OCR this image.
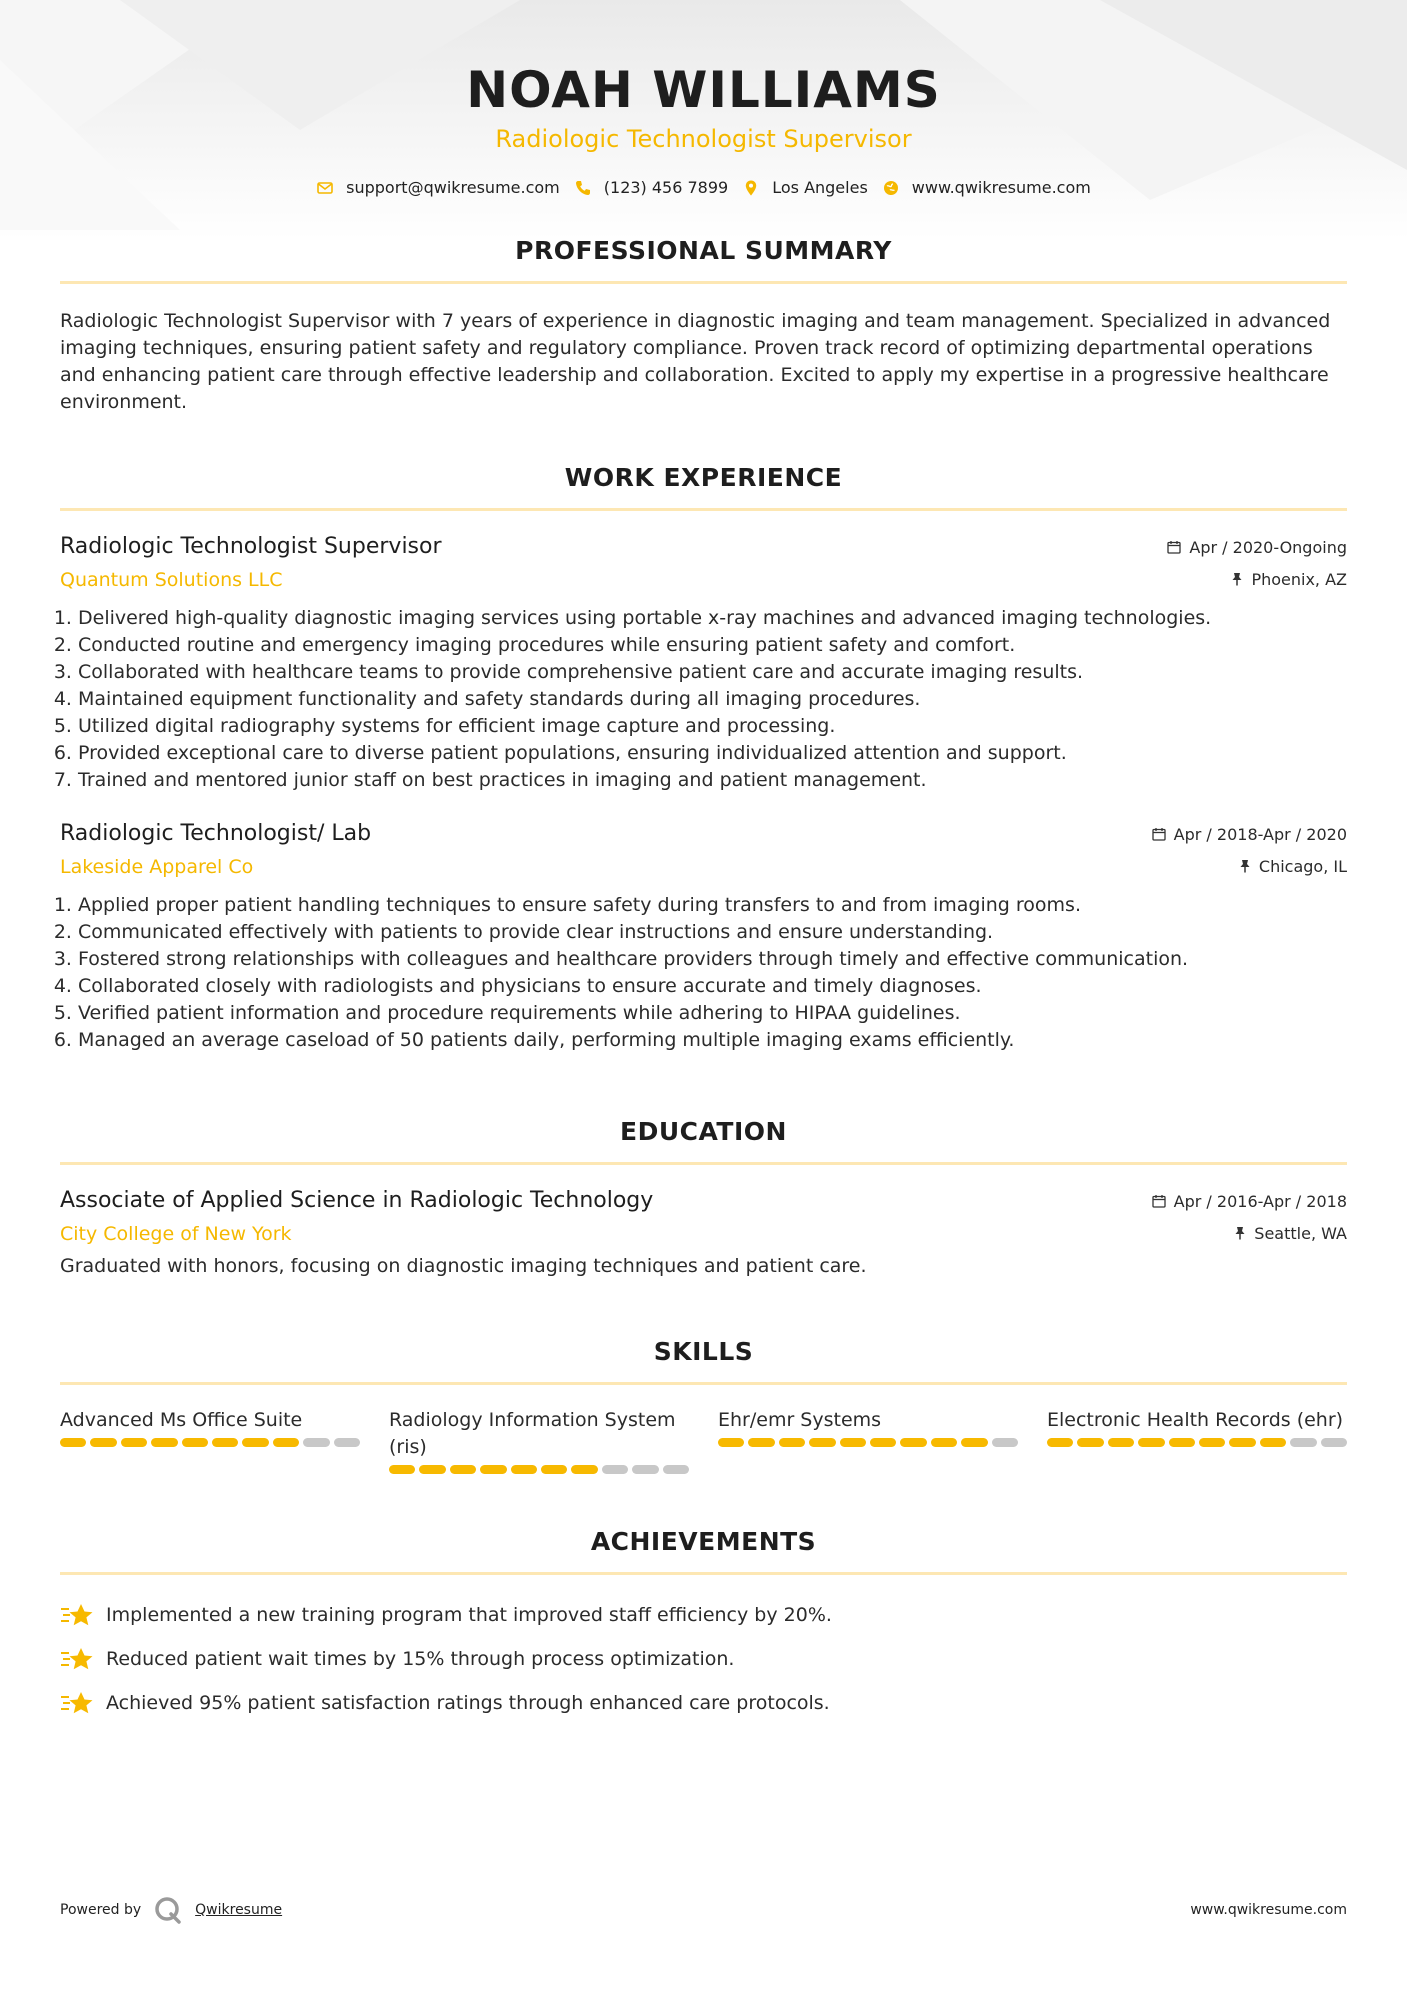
NOAH WILLIAMS
Radiologic Technologist Supervisor
support@qwikresume.com	(123) 456 7899	Los Angeles	www.qwikresume.com
PROFESSIONAL SUMMARY

Radiologic Technologist Supervisor with 7 years of experience in diagnostic imaging and team management. Specialized in advanced imaging techniques, ensuring patient safety and regulatory compliance. Proven track record of optimizing departmental operations and enhancing patient care through effective leadership and collaboration. Excited to apply my expertise in a progressive healthcare environment.

WORK EXPERIENCE
Radiologic Technologist Supervisor
Quantum Solutions LLC
Apr / 2020-Ongoing
Phoenix, AZ
1. Delivered high-quality diagnostic imaging services using portable x-ray machines and advanced imaging technologies.
2. Conducted routine and emergency imaging procedures while ensuring patient safety and comfort.
3. Collaborated with healthcare teams to provide comprehensive patient care and accurate imaging results.
4. Maintained equipment functionality and safety standards during all imaging procedures.
5. Utilized digital radiography systems for efficient image capture and processing.
6. Provided exceptional care to diverse patient populations, ensuring individualized attention and support.
7. Trained and mentored junior staff on best practices in imaging and patient management.
Radiologic Technologist/ Lab
Lakeside Apparel Co
Apr / 2018-Apr / 2020
Chicago, IL
1. Applied proper patient handling techniques to ensure safety during transfers to and from imaging rooms.
2. Communicated effectively with patients to provide clear instructions and ensure understanding.
3. Fostered strong relationships with colleagues and healthcare providers through timely and effective communication.
4. Collaborated closely with radiologists and physicians to ensure accurate and timely diagnoses.
5. Verified patient information and procedure requirements while adhering to HIPAA guidelines.
6. Managed an average caseload of 50 patients daily, performing multiple imaging exams efficiently.
EDUCATION
Associate of Applied Science in Radiologic Technology
City College of New York
Apr / 2016-Apr / 2018
Seattle, WA
Graduated with honors, focusing on diagnostic imaging techniques and patient care.
SKILLS
Advanced Ms Office Suite	Radiology Information System (ris)
Ehr/emr Systems	Electronic Health Records (ehr)
ACHIEVEMENTS
Implemented a new training program that improved staff efficiency by 20%.
Reduced patient wait times by 15% through process optimization.
Achieved 95% patient satisfaction ratings through enhanced care protocols.
Powered by	Qwikresume	www.qwikresume.com
